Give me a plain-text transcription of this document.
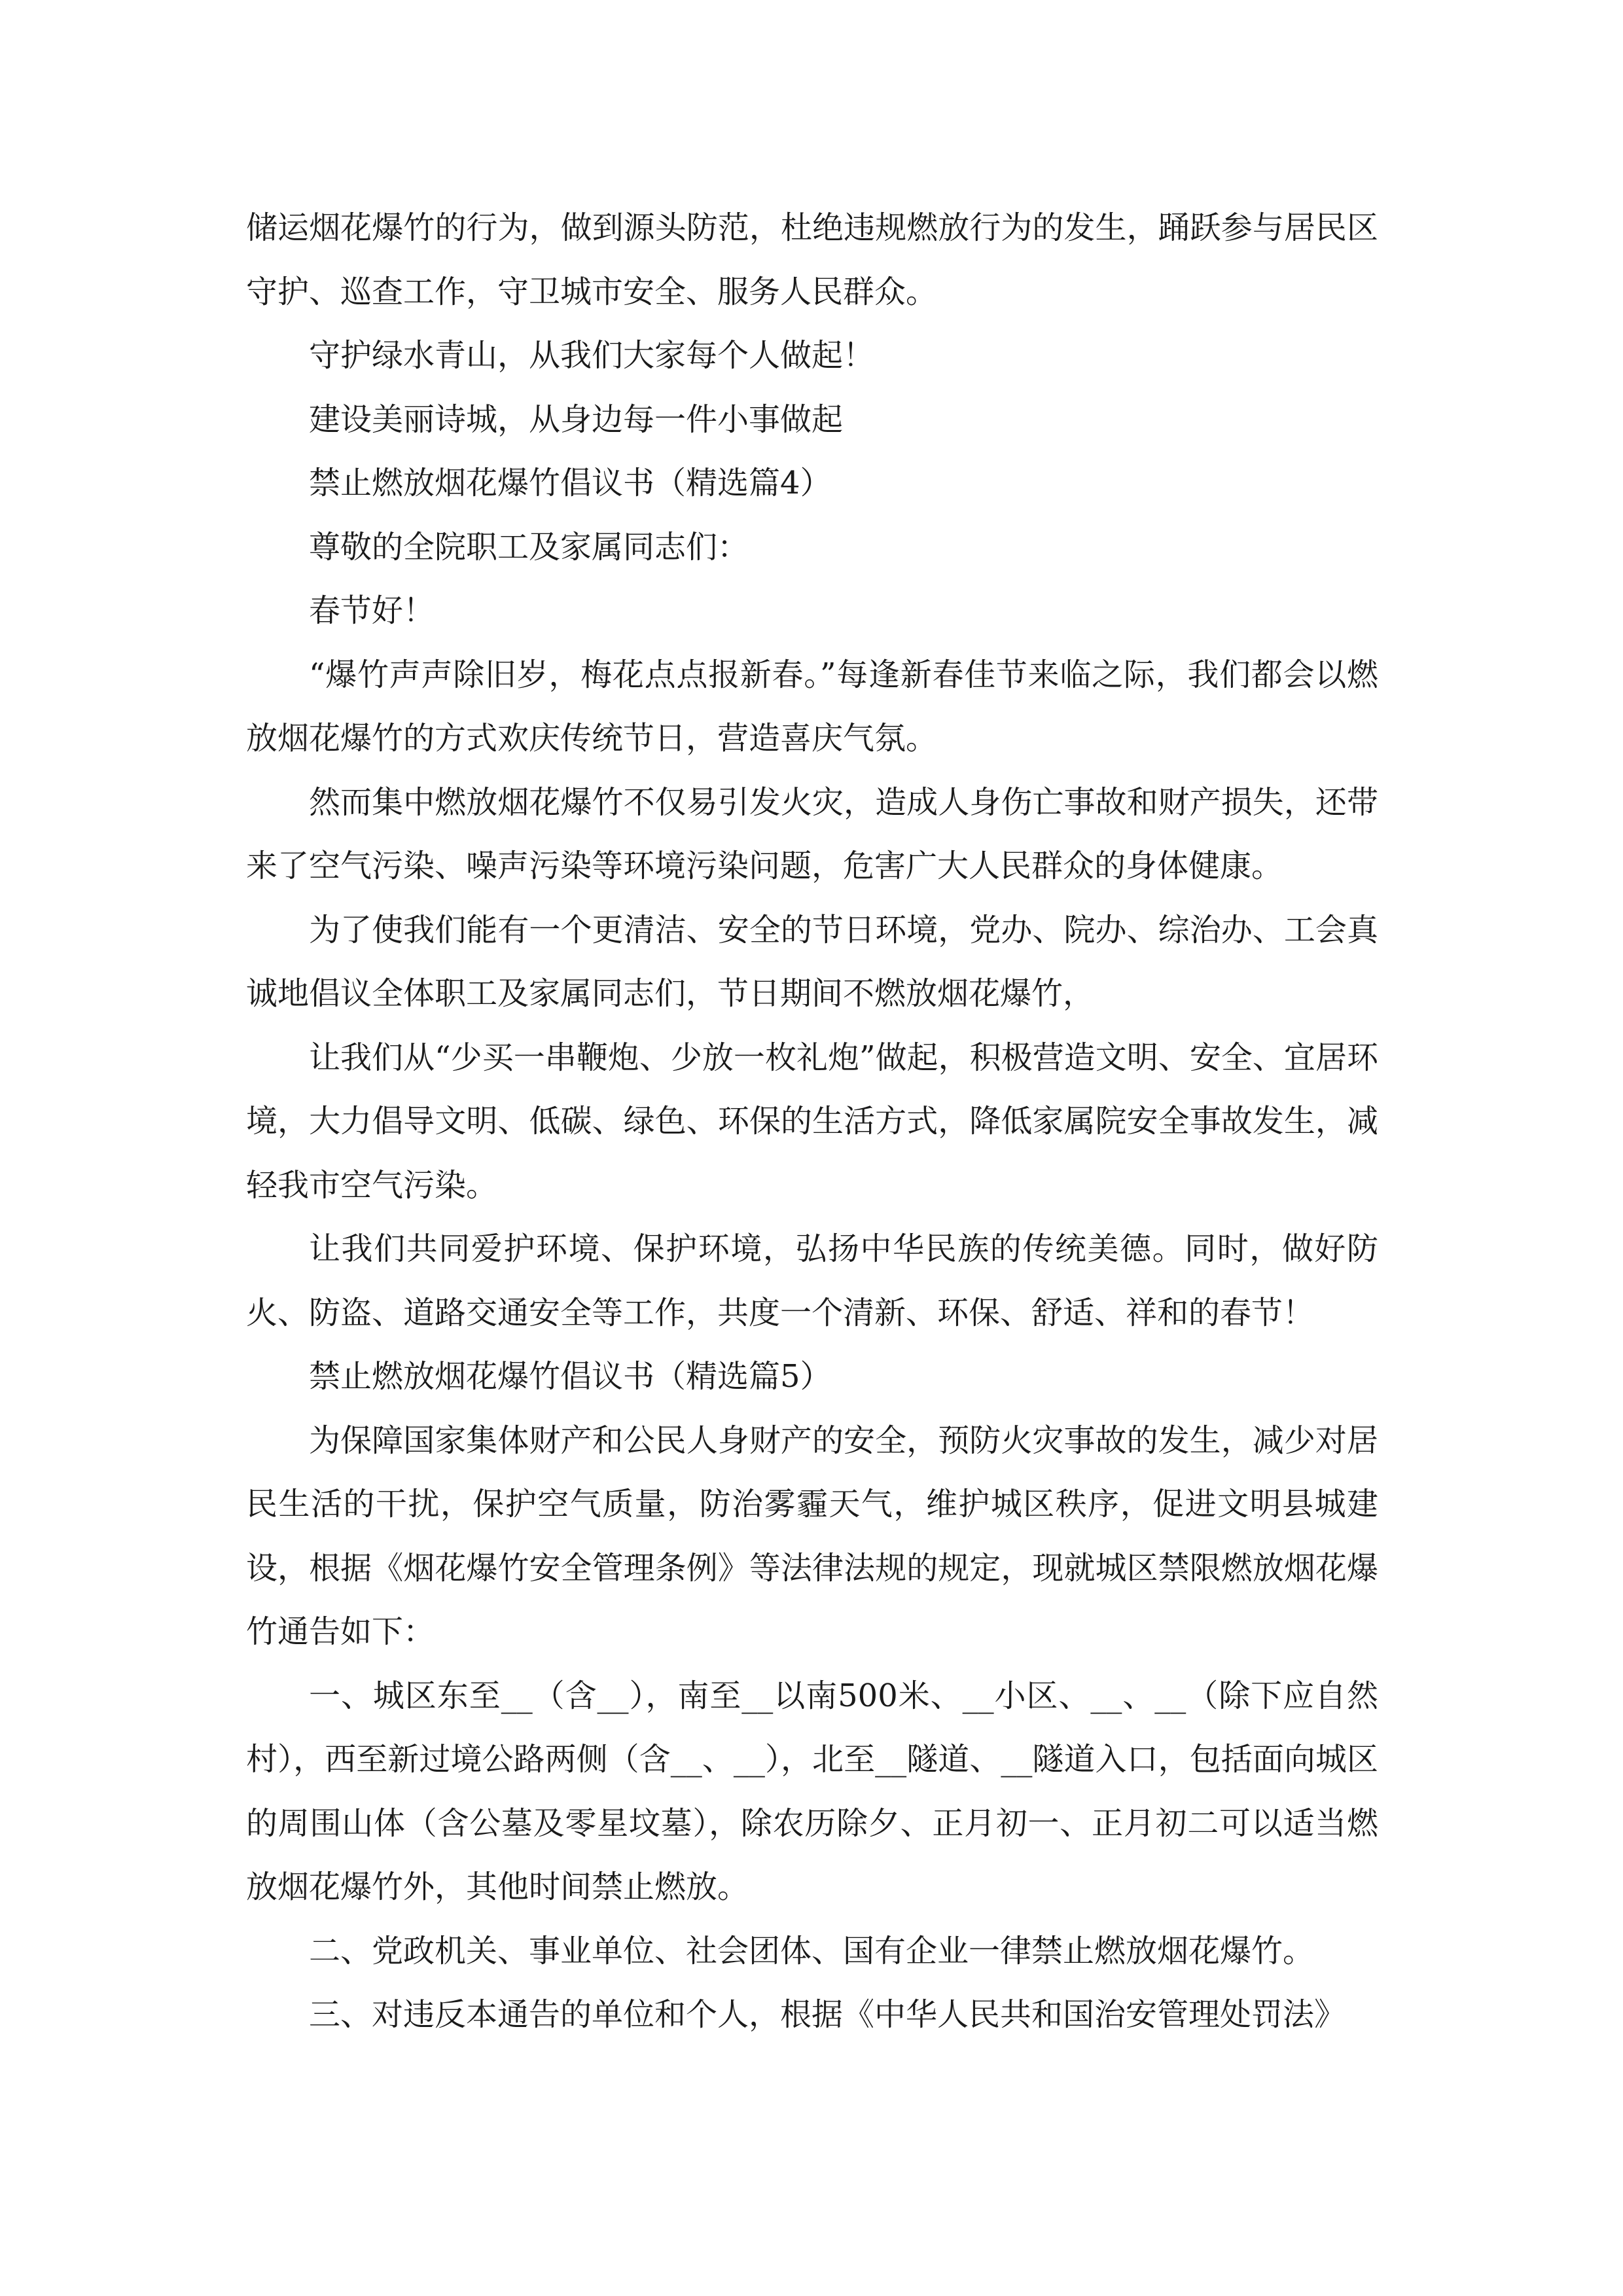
储运烟花爆竹的行为，做到源头防范，杜绝违规燃放行为的发生，踊跃参与居民区守护、巡查工作，守卫城市安全、服务人民群众。

守护绿水青山，从我们大家每个人做起！

建设美丽诗城，从身边每一件小事做起

禁止燃放烟花爆竹倡议书（精选篇4）

尊敬的全院职工及家属同志们：

春节好！

“爆竹声声除旧岁，梅花点点报新春。”每逢新春佳节来临之际，我们都会以燃放烟花爆竹的方式欢庆传统节日，营造喜庆气氛。

然而集中燃放烟花爆竹不仅易引发火灾，造成人身伤亡事故和财产损失，还带来了空气污染、噪声污染等环境污染问题，危害广大人民群众的身体健康。

为了使我们能有一个更清洁、安全的节日环境，党办、院办、综治办、工会真诚地倡议全体职工及家属同志们，节日期间不燃放烟花爆竹，

让我们从“少买一串鞭炮、少放一枚礼炮”做起，积极营造文明、安全、宜居环境，大力倡导文明、低碳、绿色、环保的生活方式，降低家属院安全事故发生，减轻我市空气污染。

让我们共同爱护环境、保护环境，弘扬中华民族的传统美德。同时，做好防火、防盗、道路交通安全等工作，共度一个清新、环保、舒适、祥和的春节！

禁止燃放烟花爆竹倡议书（精选篇5）

为保障国家集体财产和公民人身财产的安全，预防火灾事故的发生，减少对居民生活的干扰，保护空气质量，防治雾霾天气，维护城区秩序，促进文明县城建设，根据《烟花爆竹安全管理条例》等法律法规的规定，现就城区禁限燃放烟花爆竹通告如下：

一、城区东至__（含__），南至__以南500米、__小区、__、__（除下应自然村），西至新过境公路两侧（含__、__），北至__隧道、__隧道入口，包括面向城区的周围山体（含公墓及零星坟墓），除农历除夕、正月初一、正月初二可以适当燃放烟花爆竹外，其他时间禁止燃放。

二、党政机关、事业单位、社会团体、国有企业一律禁止燃放烟花爆竹。

三、对违反本通告的单位和个人，根据《中华人民共和国治安管理处罚法》
